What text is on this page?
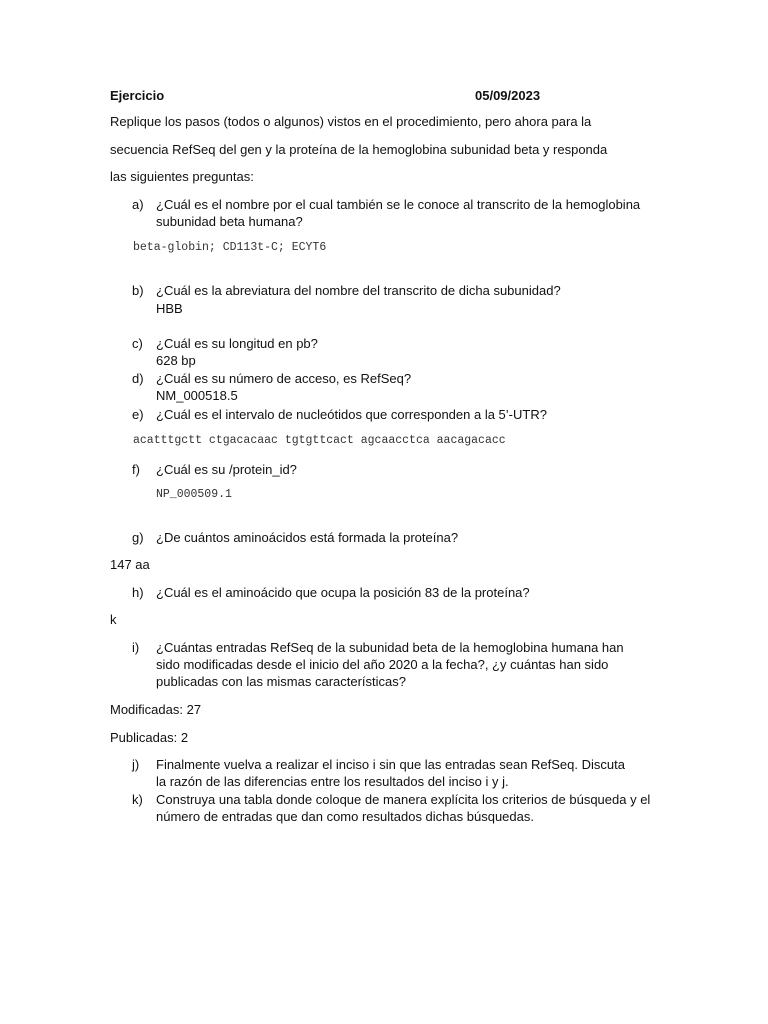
Ejercicio	05/09/2023
Replique los pasos (todos o algunos) vistos en el procedimiento, pero ahora para la
secuencia RefSeq del gen y la proteína de la hemoglobina subunidad beta y responda
las siguientes preguntas:
a) ¿Cuál es el nombre por el cual también se le conoce al transcrito de la hemoglobina subunidad beta humana?
beta-globin; CD113t-C; ECYT6
b) ¿Cuál es la abreviatura del nombre del transcrito de dicha subunidad?
HBB
c)	¿Cuál es su longitud en pb?
628 bp
d) ¿Cuál es su número de acceso, es RefSeq?
NM_000518.5
e) ¿Cuál es el intervalo de nucleótidos que corresponden a la 5’-UTR?
acatttgctt ctgacacaac tgtgttcact agcaacctca aacagacacc
f)	¿Cuál es su /protein_id?
NP_000509.1
g) ¿De cuántos aminoácidos está formada la proteína?
147 aa
h) ¿Cuál es el aminoácido que ocupa la posición 83 de la proteína?
k
i)	¿Cuántas entradas RefSeq de la subunidad beta de la hemoglobina humana han sido modificadas desde el inicio del año 2020 a la fecha?, ¿y cuántas han sido publicadas con las mismas características?
Modificadas: 27
Publicadas: 2
j)	Finalmente vuelva a realizar el inciso i sin que las entradas sean RefSeq. Discuta la razón de las diferencias entre los resultados del inciso i y j.
k)	Construya una tabla donde coloque de manera explícita los criterios de búsqueda y el número de entradas que dan como resultados dichas búsquedas.
